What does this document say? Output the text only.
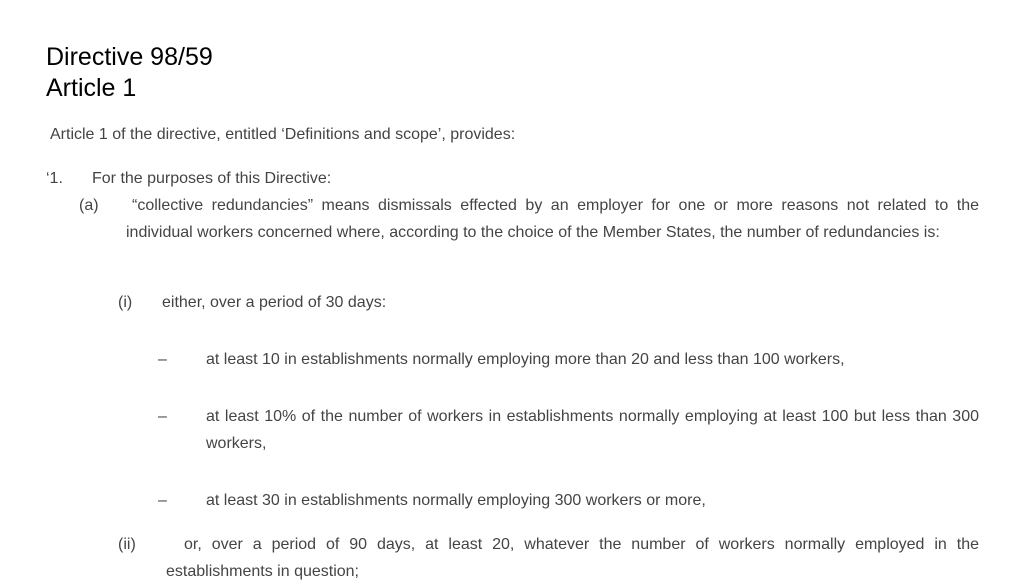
Directive 98/59
Article 1
Article 1 of the directive, entitled ‘Definitions and scope’, provides:
‘1. For the purposes of this Directive:
(a)	“collective redundancies” means dismissals effected by an employer for one or more reasons not related to the
individual workers concerned where, according to the choice of the Member States, the number of redundancies is:
(i) either, over a period of 30 days:
– at least 10 in establishments normally employing more than 20 and less than 100 workers,
– at least 10% of the number of workers in establishments normally employing at least 100 but less than 300 workers,
– at least 30 in establishments normally employing 300 workers or more,
(ii)	or, over a period of 90 days, at least 20, whatever the number of workers normally employed in the
establishments in question;
